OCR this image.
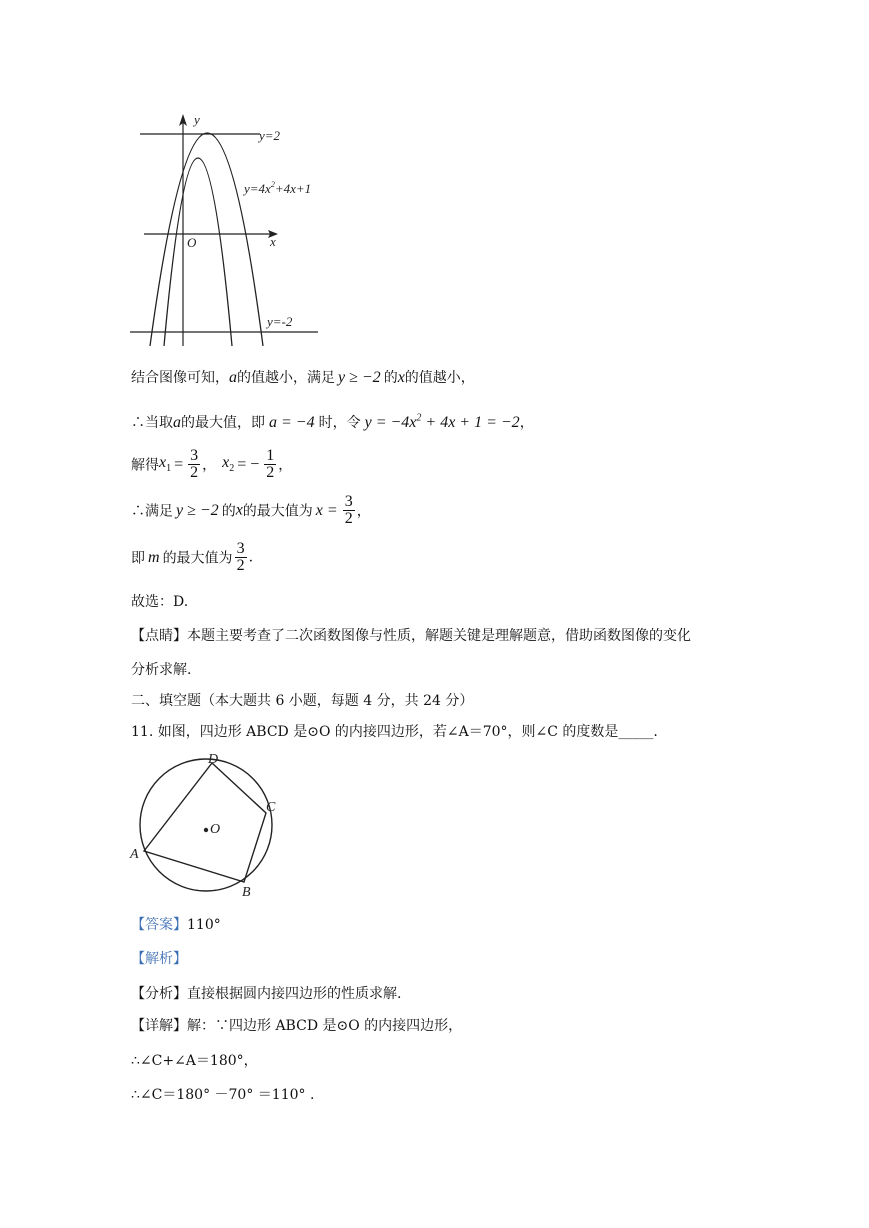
y
x
O
y=2
y=-2
$y=4x^2+4x+1$
结合图像可知，a的值越小，满足 y ≥ −2 的x的值越小，
∴当取a的最大值，即 a = −4 时，令 $y = -4x^2 + 4x + 1 = -2$，
解得$x_1 = \frac{3}{2}$ ， $x_2$ = − $\frac{1}{2}$ ，
∴满足 y ≥ −2 的x的最大值为 $x = \frac{3}{2}$ ，
即 m 的最大值为 $\frac{3}{2}$ .
故选：D.
【点睛】本题主要考查了二次函数图像与性质，解题关键是理解题意，借助函数图像的变化
分析求解.
二、填空题（本大题共 6 小题，每题 4 分，共 24 分）
11. 如图，四边形 ABCD 是⊙O 的内接四边形，若∠A＝70°，则∠C 的度数是_____.
O
A
B
C
D
【答案】110°
【解析】
【分析】直接根据圆内接四边形的性质求解.
【详解】解：∵四边形 ABCD 是⊙O 的内接四边形，
∴∠C+∠A＝180°，
∴∠C＝180° －70° ＝110° .
